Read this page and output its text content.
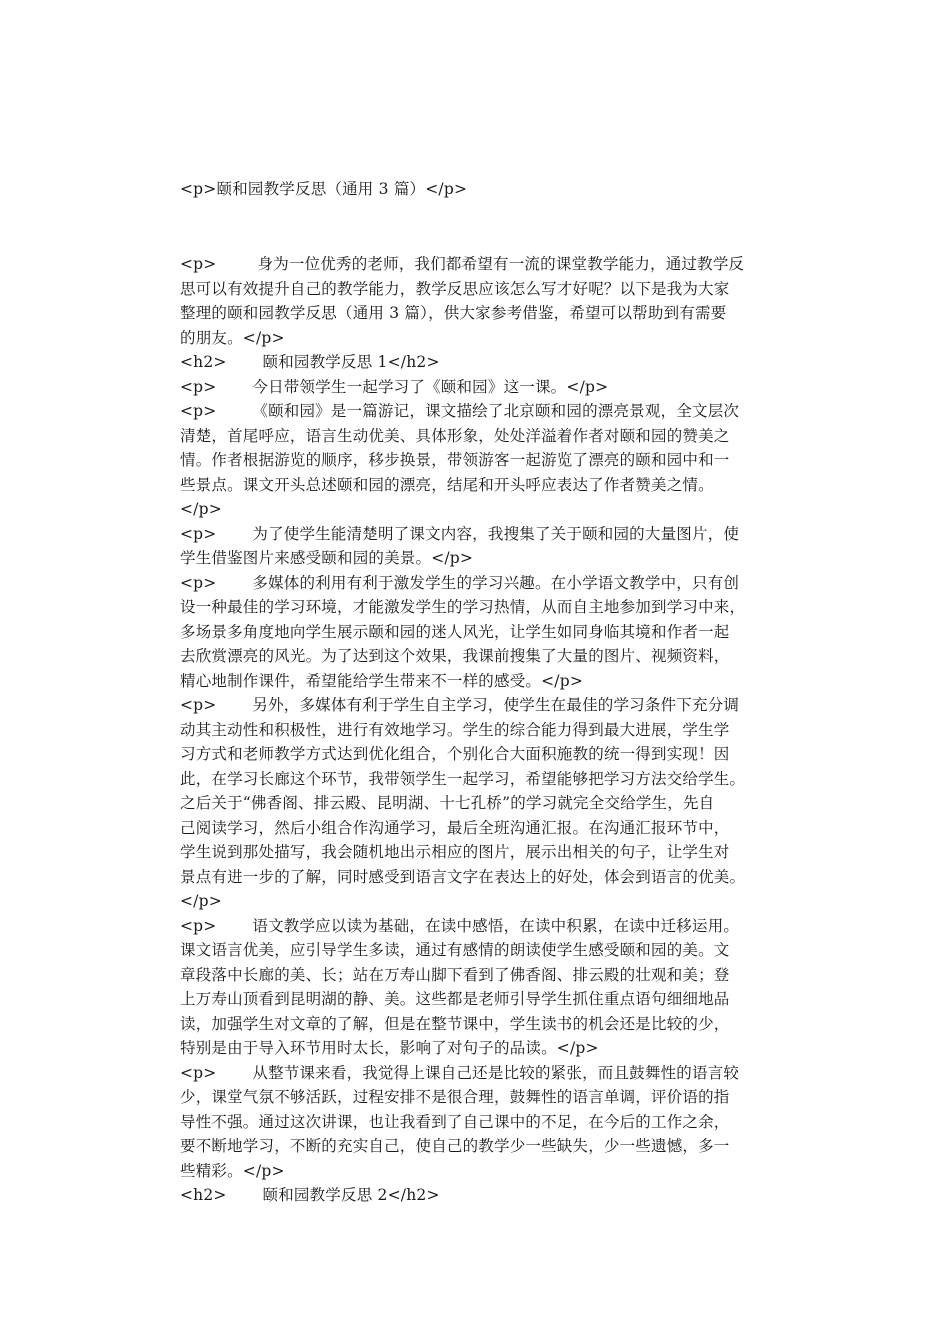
<p>颐和园教学反思（通用 3 篇）</p>
<p>        身为一位优秀的老师，我们都希望有一流的课堂教学能力，通过教学反
思可以有效提升自己的教学能力，教学反思应该怎么写才好呢？以下是我为大家
整理的颐和园教学反思（通用 3 篇），供大家参考借鉴，希望可以帮助到有需要
的朋友。</p>
<h2>       颐和园教学反思 1</h2>
<p>       今日带领学生一起学习了《颐和园》这一课。</p>
<p>       《颐和园》是一篇游记，课文描绘了北京颐和园的漂亮景观，全文层次
清楚，首尾呼应，语言生动优美、具体形象，处处洋溢着作者对颐和园的赞美之
情。作者根据游览的顺序，移步换景，带领游客一起游览了漂亮的颐和园中和一
些景点。课文开头总述颐和园的漂亮，结尾和开头呼应表达了作者赞美之情。
</p>
<p>       为了使学生能清楚明了课文内容，我搜集了关于颐和园的大量图片，使
学生借鉴图片来感受颐和园的美景。</p>
<p>       多媒体的利用有利于激发学生的学习兴趣。在小学语文教学中，只有创
设一种最佳的学习环境，才能激发学生的学习热情，从而自主地参加到学习中来，
多场景多角度地向学生展示颐和园的迷人风光，让学生如同身临其境和作者一起
去欣赏漂亮的风光。为了达到这个效果，我课前搜集了大量的图片、视频资料，
精心地制作课件，希望能给学生带来不一样的感受。</p>
<p>       另外，多媒体有利于学生自主学习，使学生在最佳的学习条件下充分调
动其主动性和积极性，进行有效地学习。学生的综合能力得到最大进展，学生学
习方式和老师教学方式达到优化组合，个别化合大面积施教的统一得到实现！因
此，在学习长廊这个环节，我带领学生一起学习，希望能够把学习方法交给学生。
之后关于“佛香阁、排云殿、昆明湖、十七孔桥”的学习就完全交给学生，先自
己阅读学习，然后小组合作沟通学习，最后全班沟通汇报。在沟通汇报环节中，
学生说到那处描写，我会随机地出示相应的图片，展示出相关的句子，让学生对
景点有进一步的了解，同时感受到语言文字在表达上的好处，体会到语言的优美。
</p>
<p>       语文教学应以读为基础，在读中感悟，在读中积累，在读中迁移运用。
课文语言优美，应引导学生多读，通过有感情的朗读使学生感受颐和园的美。文
章段落中长廊的美、长；站在万寿山脚下看到了佛香阁、排云殿的壮观和美；登
上万寿山顶看到昆明湖的静、美。这些都是老师引导学生抓住重点语句细细地品
读，加强学生对文章的了解，但是在整节课中，学生读书的机会还是比较的少，
特别是由于导入环节用时太长，影响了对句子的品读。</p>
<p>       从整节课来看，我觉得上课自己还是比较的紧张，而且鼓舞性的语言较
少，课堂气氛不够活跃，过程安排不是很合理，鼓舞性的语言单调，评价语的指
导性不强。通过这次讲课，也让我看到了自己课中的不足，在今后的工作之余，
要不断地学习，不断的充实自己，使自己的教学少一些缺失，少一些遗憾，多一
些精彩。</p>
<h2>       颐和园教学反思 2</h2>
